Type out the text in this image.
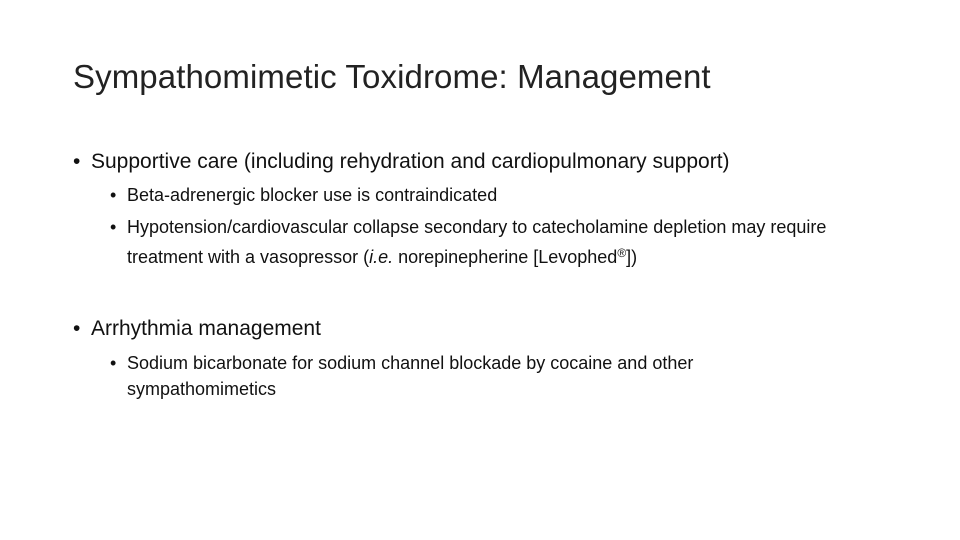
Sympathomimetic Toxidrome: Management
• Supportive care (including rehydration and cardiopulmonary support)
• Beta-adrenergic blocker use is contraindicated
• Hypotension/cardiovascular collapse secondary to catecholamine depletion may require treatment with a vasopressor (i.e. norepinepherine [Levophed®])
• Arrhythmia management
• Sodium bicarbonate for sodium channel blockade by cocaine and other sympathomimetics
